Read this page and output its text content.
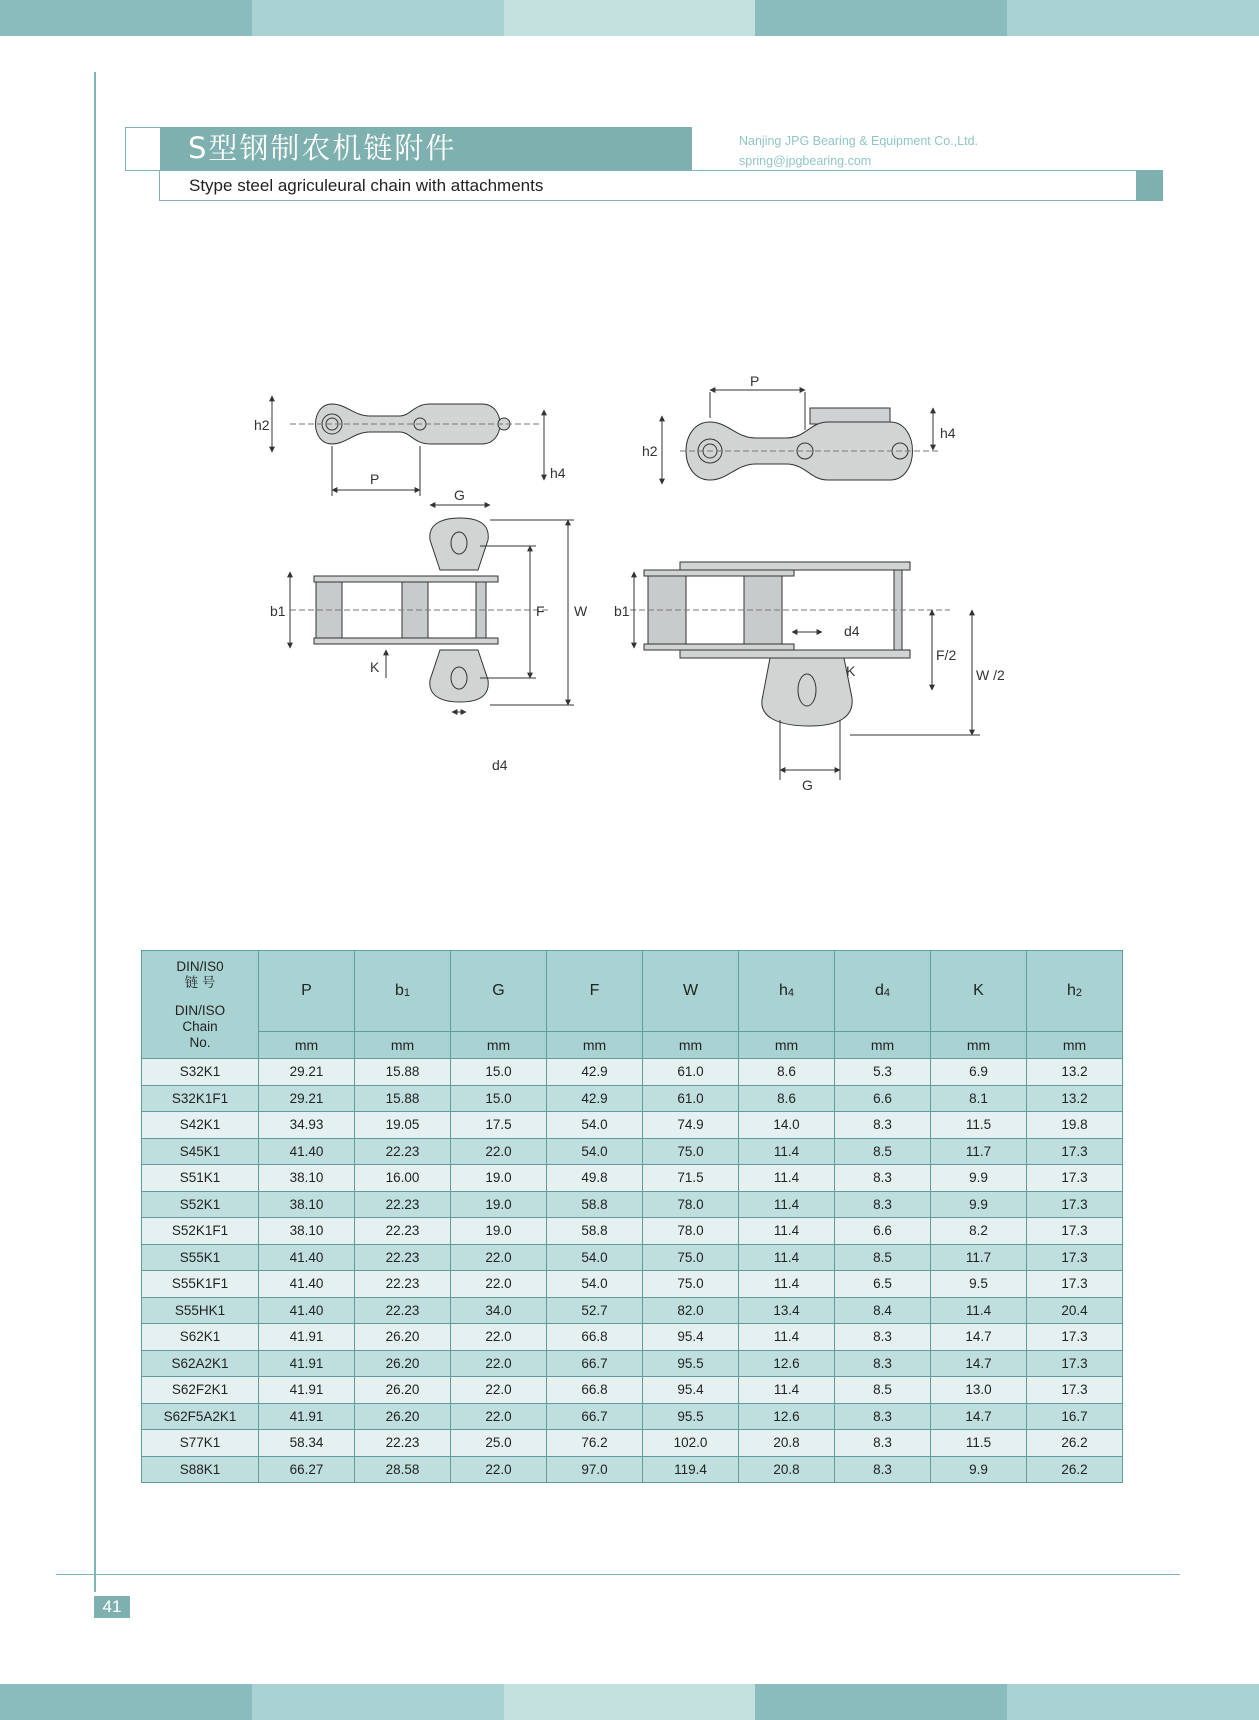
S型钢制农机链附件
Stype steel agriculeural chain with attachments
Nanjing JPG Bearing & Equipment Co.,Ltd.
spring@jpgbearing.com
h2
P	h4
P
h2
h4
G
b1	F W
K
d4
b1
K
d4
F/2
W /2
G
DIN/IS0
链 号
DIN/ISO
Chain
No.	P	b1	G	F	W	h4	d4	K	h2
	mm	mm	mm	mm	mm	mm	mm	mm	mm
S32K1	29.21	15.88	15.0	42.9	61.0	8.6	5.3	6.9	13.2
S32K1F1	29.21	15.88	15.0	42.9	61.0	8.6	6.6	8.1	13.2
S42K1	34.93	19.05	17.5	54.0	74.9	14.0	8.3	11.5	19.8
S45K1	41.40	22.23	22.0	54.0	75.0	11.4	8.5	11.7	17.3
S51K1	38.10	16.00	19.0	49.8	71.5	11.4	8.3	9.9	17.3
S52K1	38.10	22.23	19.0	58.8	78.0	11.4	8.3	9.9	17.3
S52K1F1	38.10	22.23	19.0	58.8	78.0	11.4	6.6	8.2	17.3
S55K1	41.40	22.23	22.0	54.0	75.0	11.4	8.5	11.7	17.3
S55K1F1	41.40	22.23	22.0	54.0	75.0	11.4	6.5	9.5	17.3
S55HK1	41.40	22.23	34.0	52.7	82.0	13.4	8.4	11.4	20.4
S62K1	41.91	26.20	22.0	66.8	95.4	11.4	8.3	14.7	17.3
S62A2K1	41.91	26.20	22.0	66.7	95.5	12.6	8.3	14.7	17.3
S62F2K1	41.91	26.20	22.0	66.8	95.4	11.4	8.5	13.0	17.3
S62F5A2K1	41.91	26.20	22.0	66.7	95.5	12.6	8.3	14.7	16.7
S77K1	58.34	22.23	25.0	76.2	102.0	20.8	8.3	11.5	26.2
S88K1	66.27	28.58	22.0	97.0	119.4	20.8	8.3	9.9	26.2
41
